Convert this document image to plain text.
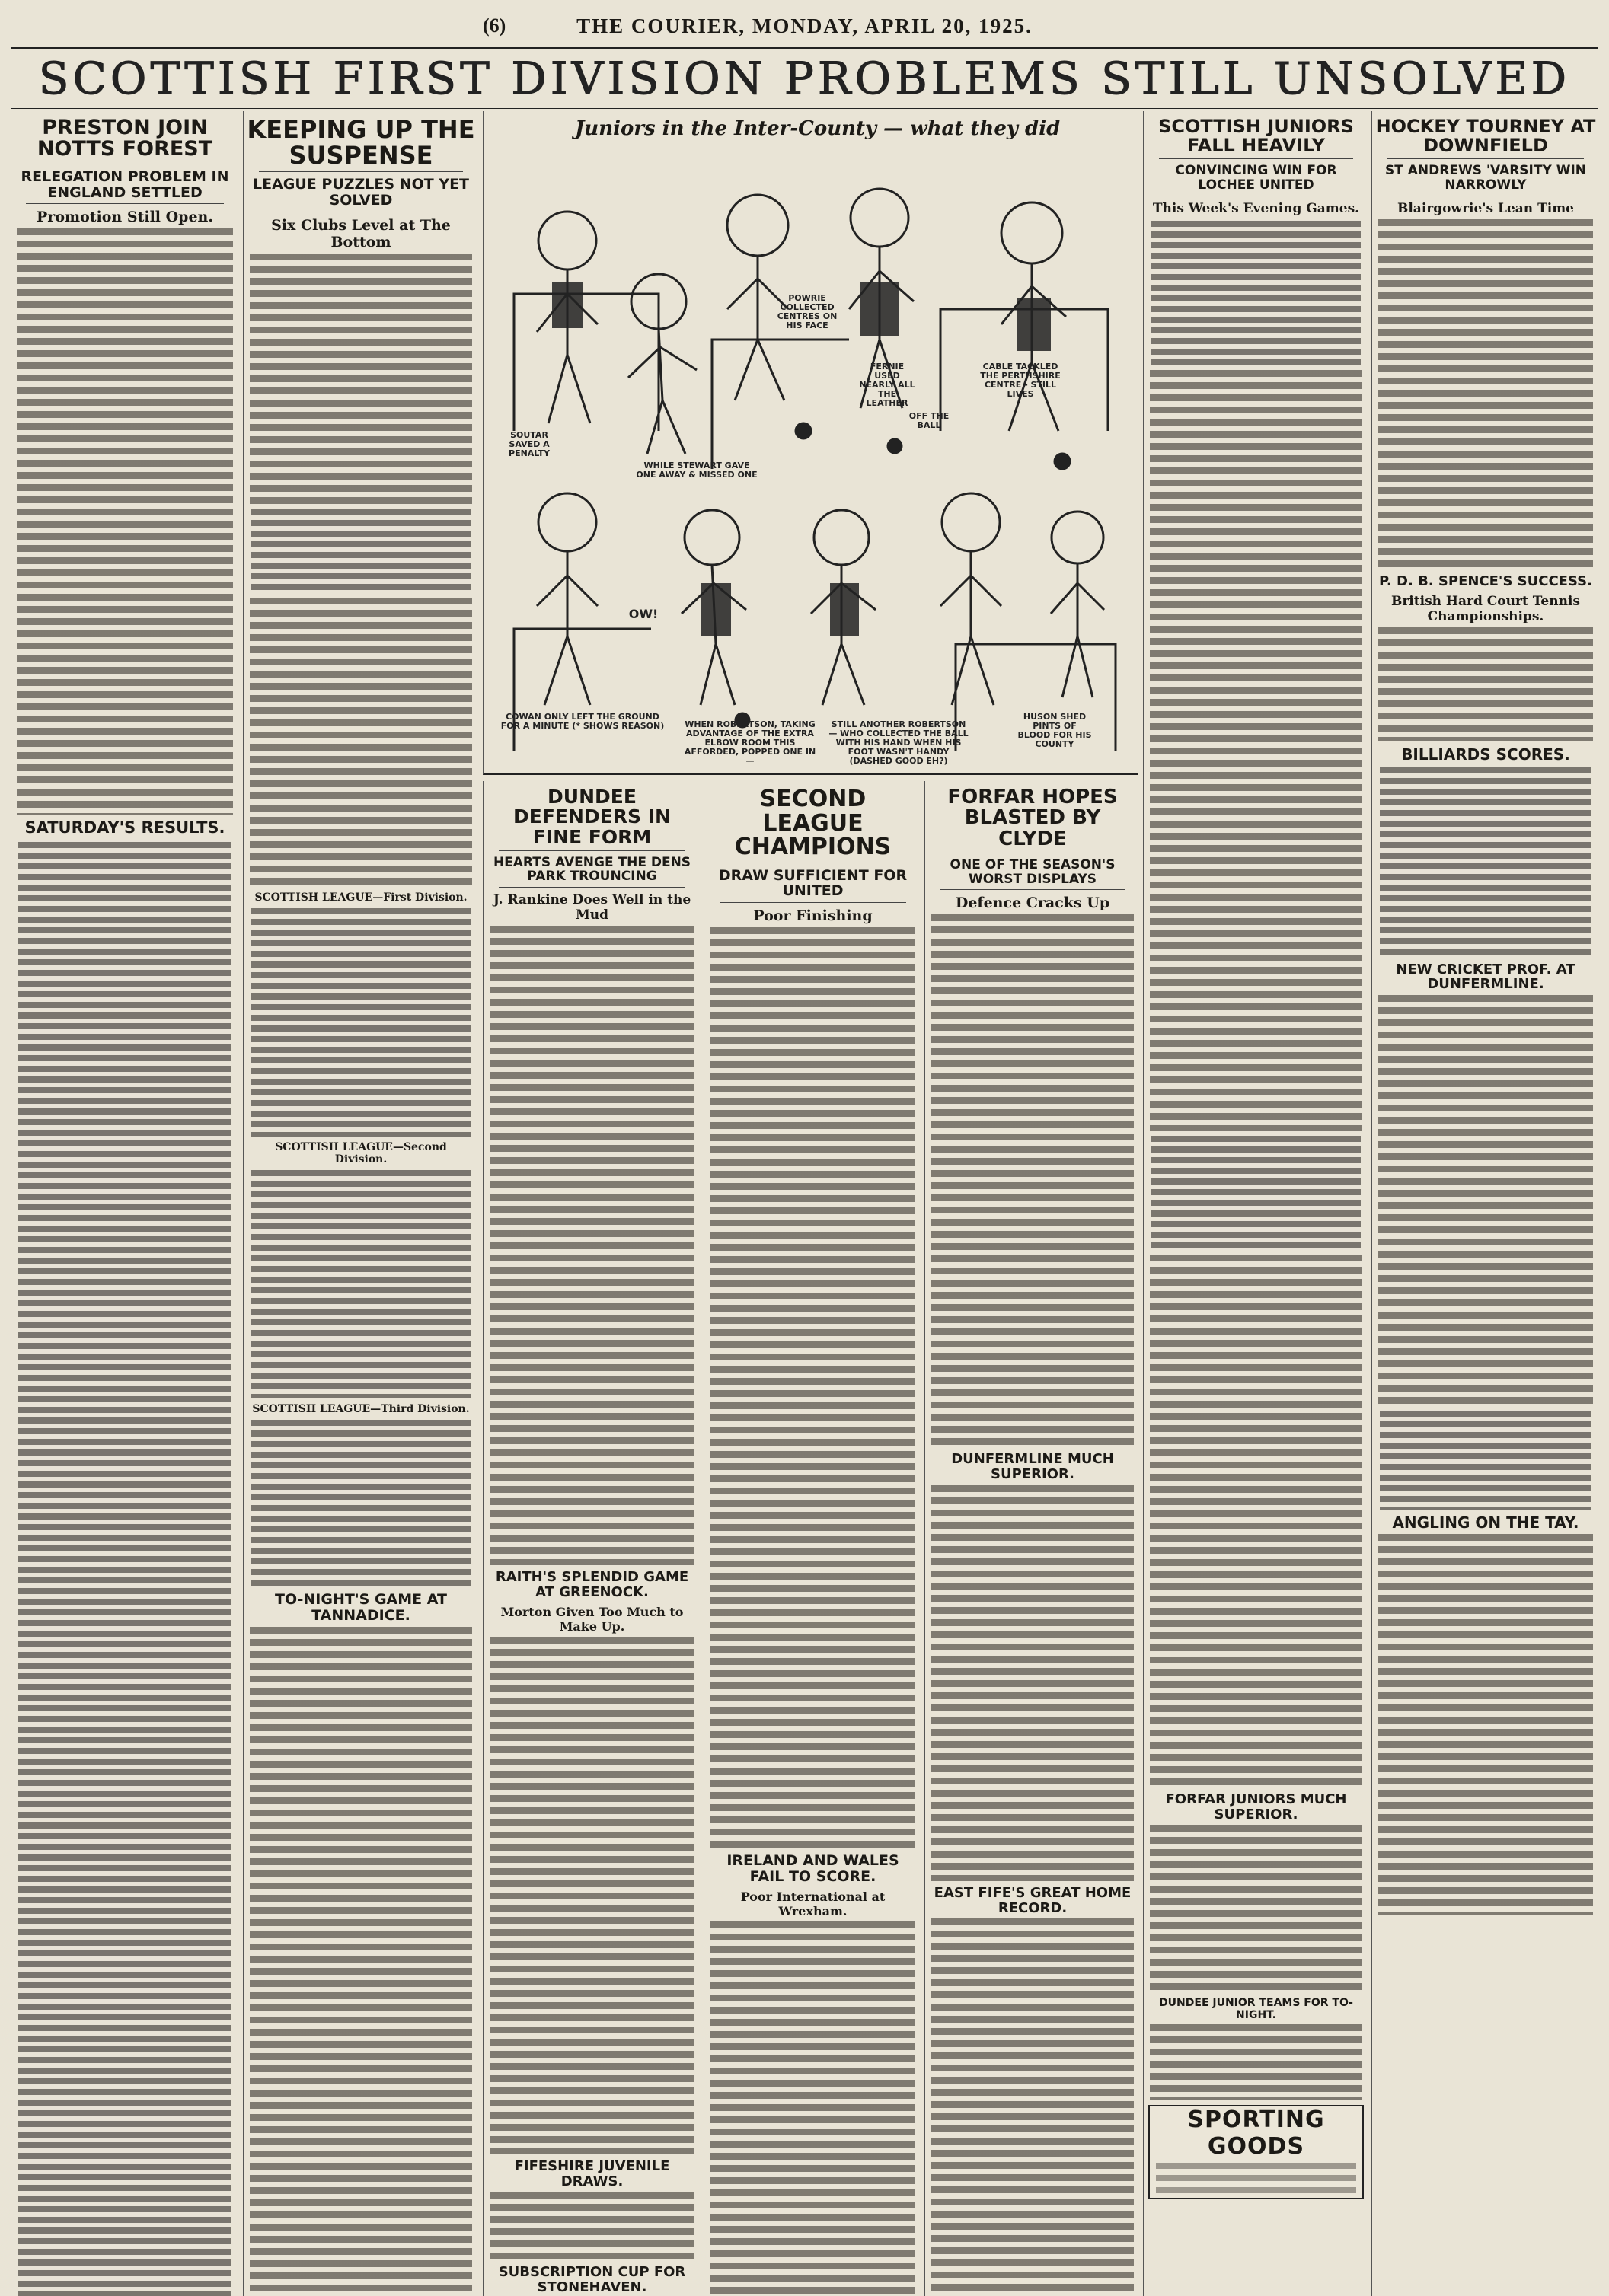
(6)	THE COURIER, MONDAY, APRIL 20, 1925.
SCOTTISH FIRST DIVISION PROBLEMS STILL UNSOLVED
PRESTON JOIN NOTTS FOREST
RELEGATION PROBLEM IN ENGLAND SETTLED
Promotion Still Open.
SATURDAY'S RESULTS.
KEEPING UP THE SUSPENSE
LEAGUE PUZZLES NOT YET SOLVED
Six Clubs Level at The Bottom
SCOTTISH LEAGUE—First Division.
SCOTTISH LEAGUE—Second Division.
SCOTTISH LEAGUE—Third Division.
TO-NIGHT'S GAME AT TANNADICE.
Juniors in the Inter-County — what they did
SOUTAR SAVED A PENALTY
WHILE STEWART GAVE ONE AWAY & MISSED ONE
POWRIE COLLECTED CENTRES ON HIS FACE
FERNIE USED NEARLY ALL THE LEATHER
OFF THE BALL
CABLE TACKLED THE PERTHSHIRE CENTRE - STILL LIVES
COWAN ONLY LEFT THE GROUND FOR A MINUTE (* SHOWS REASON)	WHEN ROBERTSON, TAKING ADVANTAGE OF THE EXTRA ELBOW ROOM THIS AFFORDED, POPPED ONE IN —
STILL ANOTHER ROBERTSON — WHO COLLECTED THE BALL WITH HIS HAND WHEN HIS FOOT WASN'T HANDY (DASHED GOOD EH?)
HUSON SHED PINTS OF BLOOD FOR HIS COUNTY
OW!
DUNDEE DEFENDERS IN FINE FORM
HEARTS AVENGE THE DENS PARK TROUNCING
J. Rankine Does Well in the Mud
RAITH'S SPLENDID GAME AT GREENOCK.
Morton Given Too Much to Make Up.
FIFESHIRE JUVENILE DRAWS.
SUBSCRIPTION CUP FOR STONEHAVEN.
SECOND LEAGUE CHAMPIONS
DRAW SUFFICIENT FOR UNITED
Poor Finishing
IRELAND AND WALES FAIL TO SCORE.
Poor International at Wrexham.
FORFAR HOPES BLASTED BY CLYDE
ONE OF THE SEASON'S WORST DISPLAYS
Defence Cracks Up
DUNFERMLINE MUCH SUPERIOR.
EAST FIFE'S GREAT HOME RECORD.
SCOTTISH JUNIORS FALL HEAVILY
CONVINCING WIN FOR LOCHEE UNITED
This Week's Evening Games.
FORFAR JUNIORS MUCH SUPERIOR.
DUNDEE JUNIOR TEAMS FOR TO-NIGHT.
SPORTING GOODS
HOCKEY TOURNEY AT DOWNFIELD
ST ANDREWS 'VARSITY WIN NARROWLY
Blairgowrie's Lean Time
P. D. B. SPENCE'S SUCCESS.
British Hard Court Tennis Championships.
BILLIARDS SCORES.
NEW CRICKET PROF. AT DUNFERMLINE.
ANGLING ON THE TAY.
